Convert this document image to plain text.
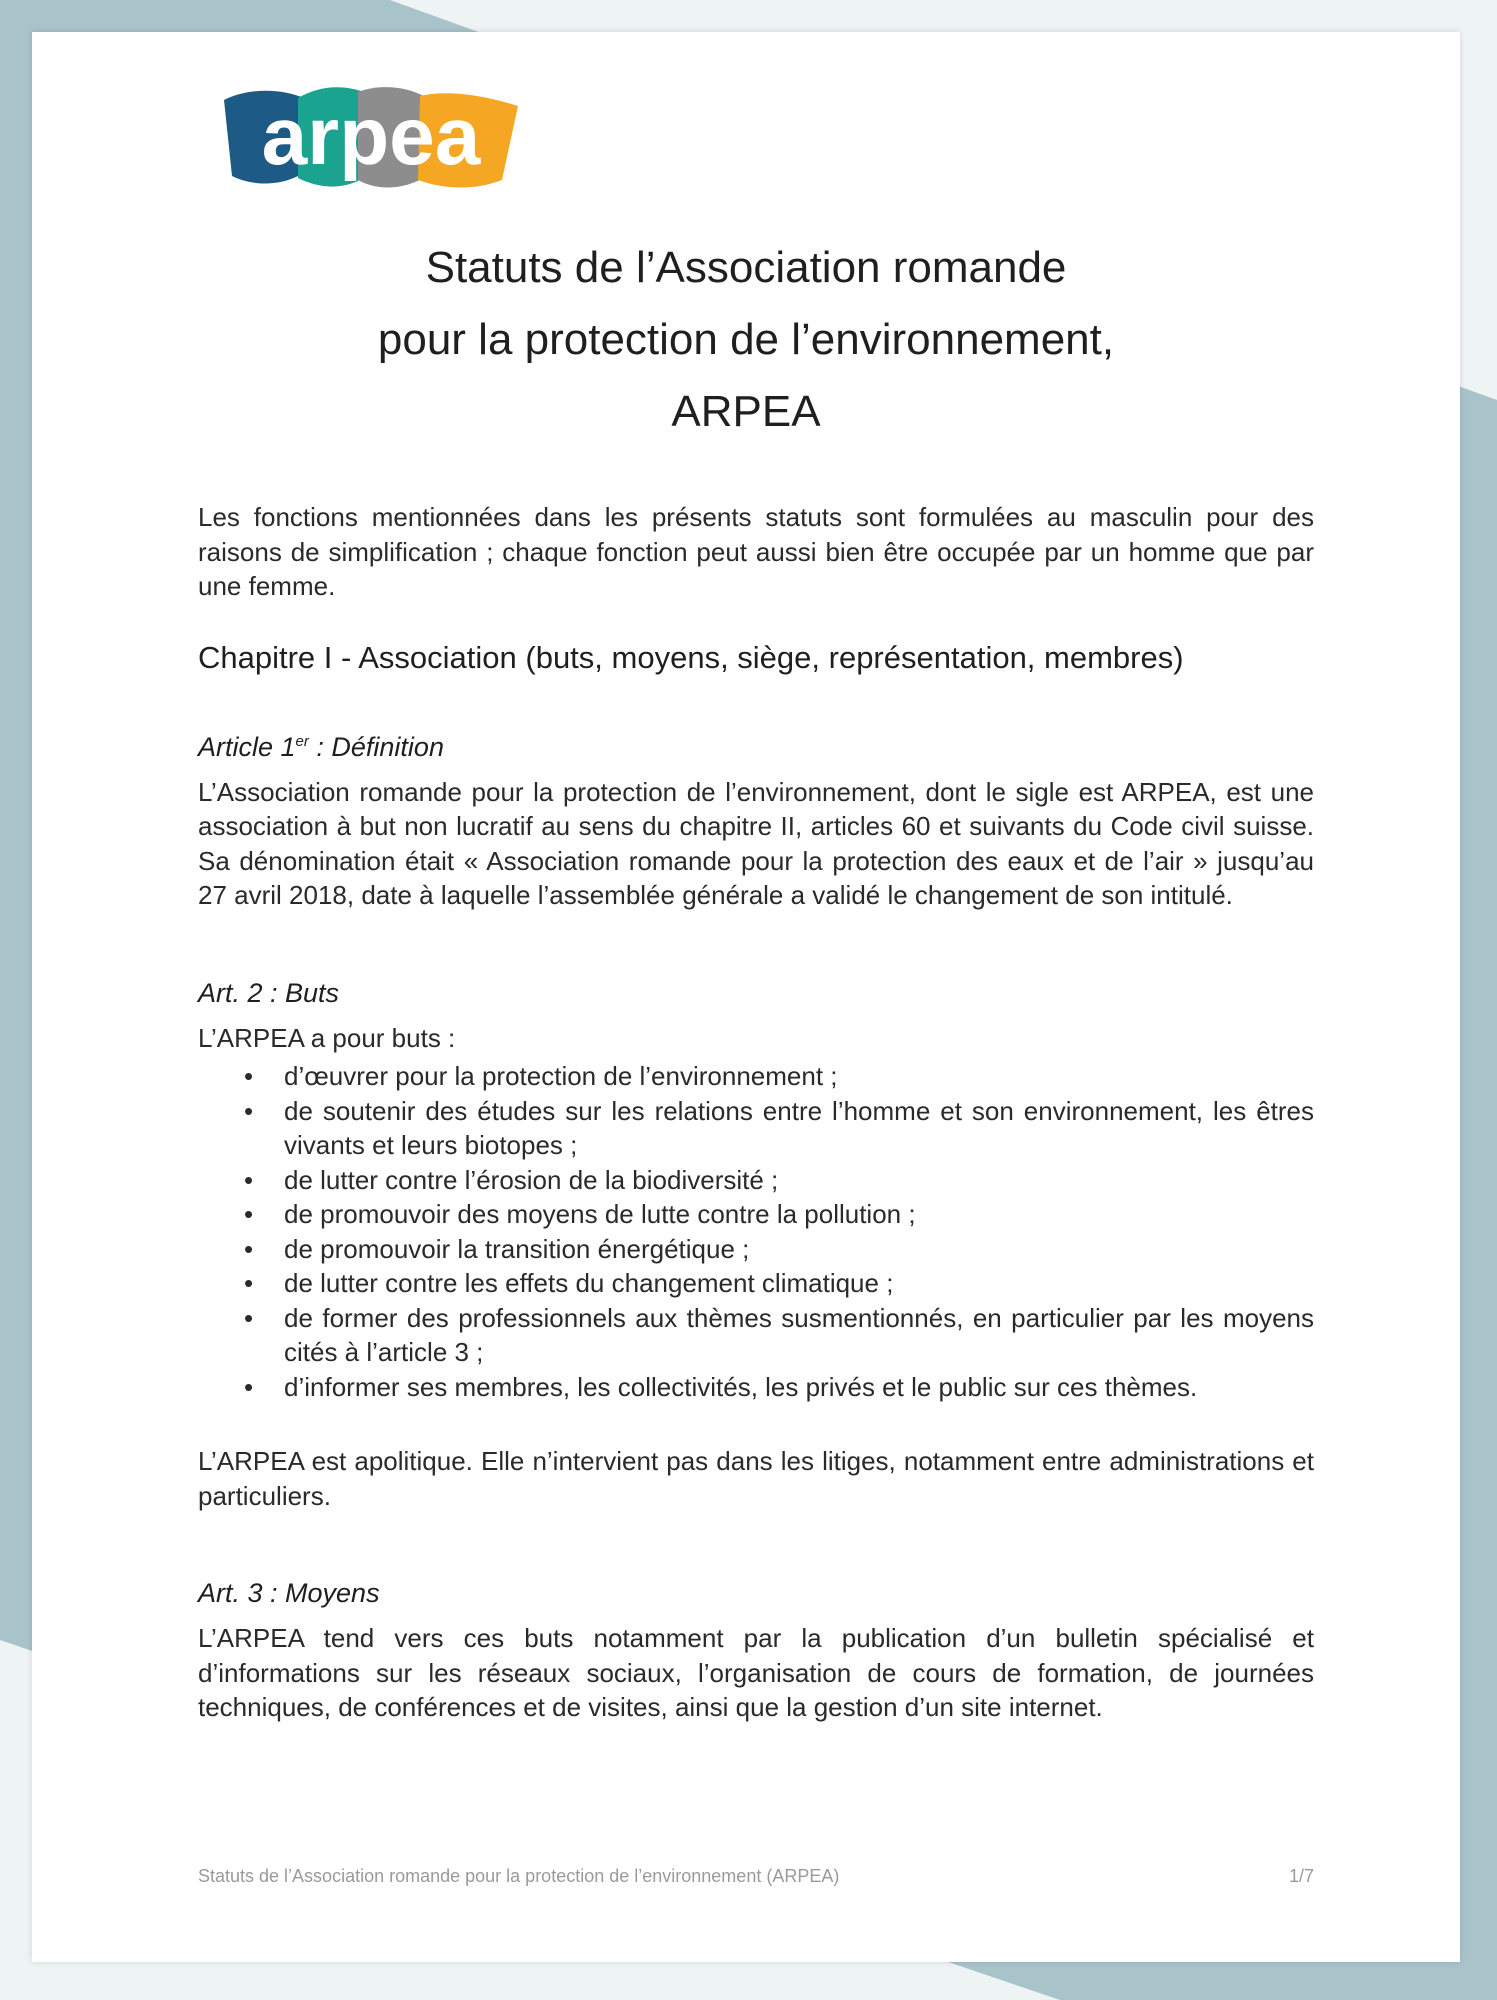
arpea
Statuts de l’Association romande
pour la protection de l’environnement,
ARPEA

Les fonctions mentionnées dans les présents statuts sont formulées au masculin pour des raisons de simplification ; chaque fonction peut aussi bien être occupée par un homme que par une femme.

Chapitre I - Association (buts, moyens, siège, représentation, membres)
Article 1er : Définition

L’Association romande pour la protection de l’environnement, dont le sigle est ARPEA, est une association à but non lucratif au sens du chapitre II, articles 60 et suivants du Code civil suisse. Sa dénomination était « Association romande pour la protection des eaux et de l’air » jusqu’au 27 avril 2018, date à laquelle l’assemblée générale a validé le changement de son intitulé.

Art. 2 : Buts

L’ARPEA a pour buts :

• d’œuvrer pour la protection de l’environnement ;
• de soutenir des études sur les relations entre l’homme et son environnement, les êtres vivants et leurs biotopes ;
• de lutter contre l’érosion de la biodiversité ;
• de promouvoir des moyens de lutte contre la pollution ;
• de promouvoir la transition énergétique ;
• de lutter contre les effets du changement climatique ;
• de former des professionnels aux thèmes susmentionnés, en particulier par les moyens cités à l’article 3 ;
• d’informer ses membres, les collectivités, les privés et le public sur ces thèmes.

L’ARPEA est apolitique. Elle n’intervient pas dans les litiges, notamment entre administrations et particuliers.

Art. 3 : Moyens

L’ARPEA tend vers ces buts notamment par la publication d’un bulletin spécialisé et d’informations sur les réseaux sociaux, l’organisation de cours de formation, de journées techniques, de conférences et de visites, ainsi que la gestion d’un site internet.

Statuts de l’Association romande pour la protection de l’environnement (ARPEA)	1/7
